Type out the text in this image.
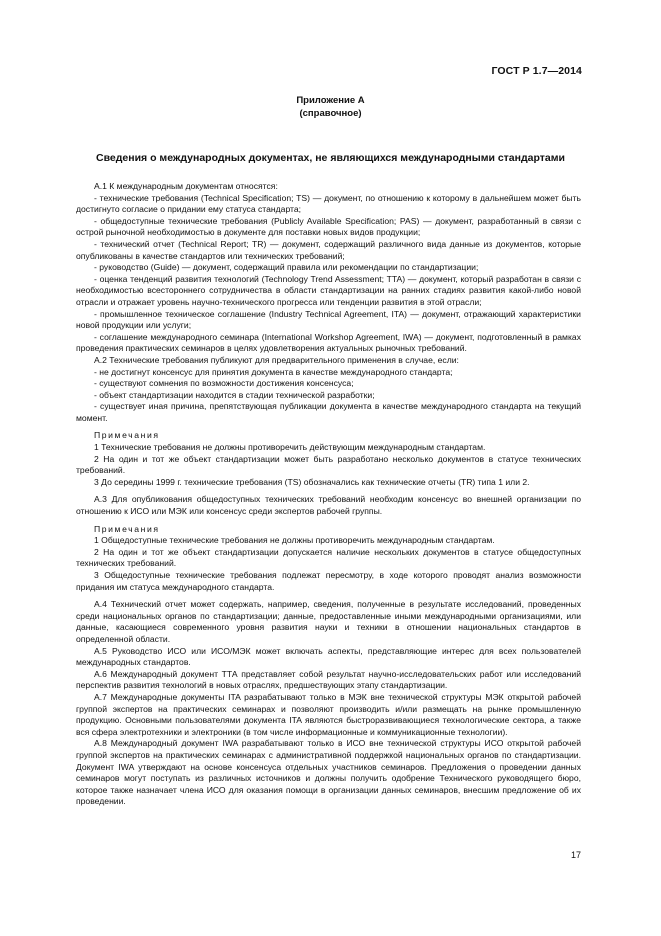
ГОСТ Р 1.7—2014
Приложение А
(справочное)
Сведения о международных документах, не являющихся международными стандартами

А.1 К международным документам относятся:

- технические требования (Technical Specification; TS) — документ, по отношению к которому в дальнейшем может быть достигнуто согласие о придании ему статуса стандарта;

- общедоступные технические требования (Publicly Available Specification; PAS) — документ, разработанный в связи с острой рыночной необходимостью в документе для поставки новых видов продукции;

- технический отчет (Technical Report; TR) — документ, содержащий различного вида данные из документов, которые опубликованы в качестве стандартов или технических требований;

- руководство (Guide) — документ, содержащий правила или рекомендации по стандартизации;

- оценка тенденций развития технологий (Technology Trend Assessment; TTA) — документ, который разработан в связи с необходимостью всестороннего сотрудничества в области стандартизации на ранних стадиях развития какой-либо новой отрасли и отражает уровень научно-технического прогресса или тенденции развития в этой отрасли;

- промышленное техническое соглашение (Industry Technical Agreement, ITA) — документ, отражающий характеристики новой продукции или услуги;

- соглашение международного семинара (International Workshop Agreement, IWA) — документ, подготовленный в рамках проведения практических семинаров в целях удовлетворения актуальных рыночных требований.

А.2 Технические требования публикуют для предварительного применения в случае, если:

- не достигнут консенсус для принятия документа в качестве международного стандарта;

- существуют сомнения по возможности достижения консенсуса;

- объект стандартизации находится в стадии технической разработки;

- существует иная причина, препятствующая публикации документа в качестве международного стандарта на текущий момент.

Примечания

1 Технические требования не должны противоречить действующим международным стандартам.

2 На один и тот же объект стандартизации может быть разработано несколько документов в статусе технических требований.

3 До середины 1999 г. технические требования (TS) обозначались как технические отчеты (TR) типа 1 или 2.

А.3 Для опубликования общедоступных технических требований необходим консенсус во внешней организации по отношению к ИСО или МЭК или консенсус среди экспертов рабочей группы.

Примечания

1 Общедоступные технические требования не должны противоречить международным стандартам.

2 На один и тот же объект стандартизации допускается наличие нескольких документов в статусе общедоступных технических требований.

3 Общедоступные технические требования подлежат пересмотру, в ходе которого проводят анализ возможности придания им статуса международного стандарта.

А.4 Технический отчет может содержать, например, сведения, полученные в результате исследований, проведенных среди национальных органов по стандартизации; данные, предоставленные иными международными организациями, или данные, касающиеся современного уровня развития науки и техники в отношении национальных стандартов в определенной области.

А.5 Руководство ИСО или ИСО/МЭК может включать аспекты, представляющие интерес для всех пользователей международных стандартов.

А.6 Международный документ ТТА представляет собой результат научно-исследовательских работ или исследований перспектив развития технологий в новых отраслях, предшествующих этапу стандартизации.

А.7 Международные документы ITA разрабатывают только в МЭК вне технической структуры МЭК открытой рабочей группой экспертов на практических семинарах и позволяют производить и/или размещать на рынке промышленную продукцию. Основными пользователями документа ITA являются быстроразвивающиеся технологические сектора, а также вся сфера электротехники и электроники (в том числе информационные и коммуникационные технологии).

А.8 Международный документ IWA разрабатывают только в ИСО вне технической структуры ИСО открытой рабочей группой экспертов на практических семинарах с административной поддержкой национальных органов по стандартизации. Документ IWA утверждают на основе консенсуса отдельных участников семинаров. Предложения о проведении данных семинаров могут поступать из различных источников и должны получить одобрение Технического руководящего бюро, которое также назначает члена ИСО для оказания помощи в организации данных семинаров, внесшим предложение об их проведении.

17
